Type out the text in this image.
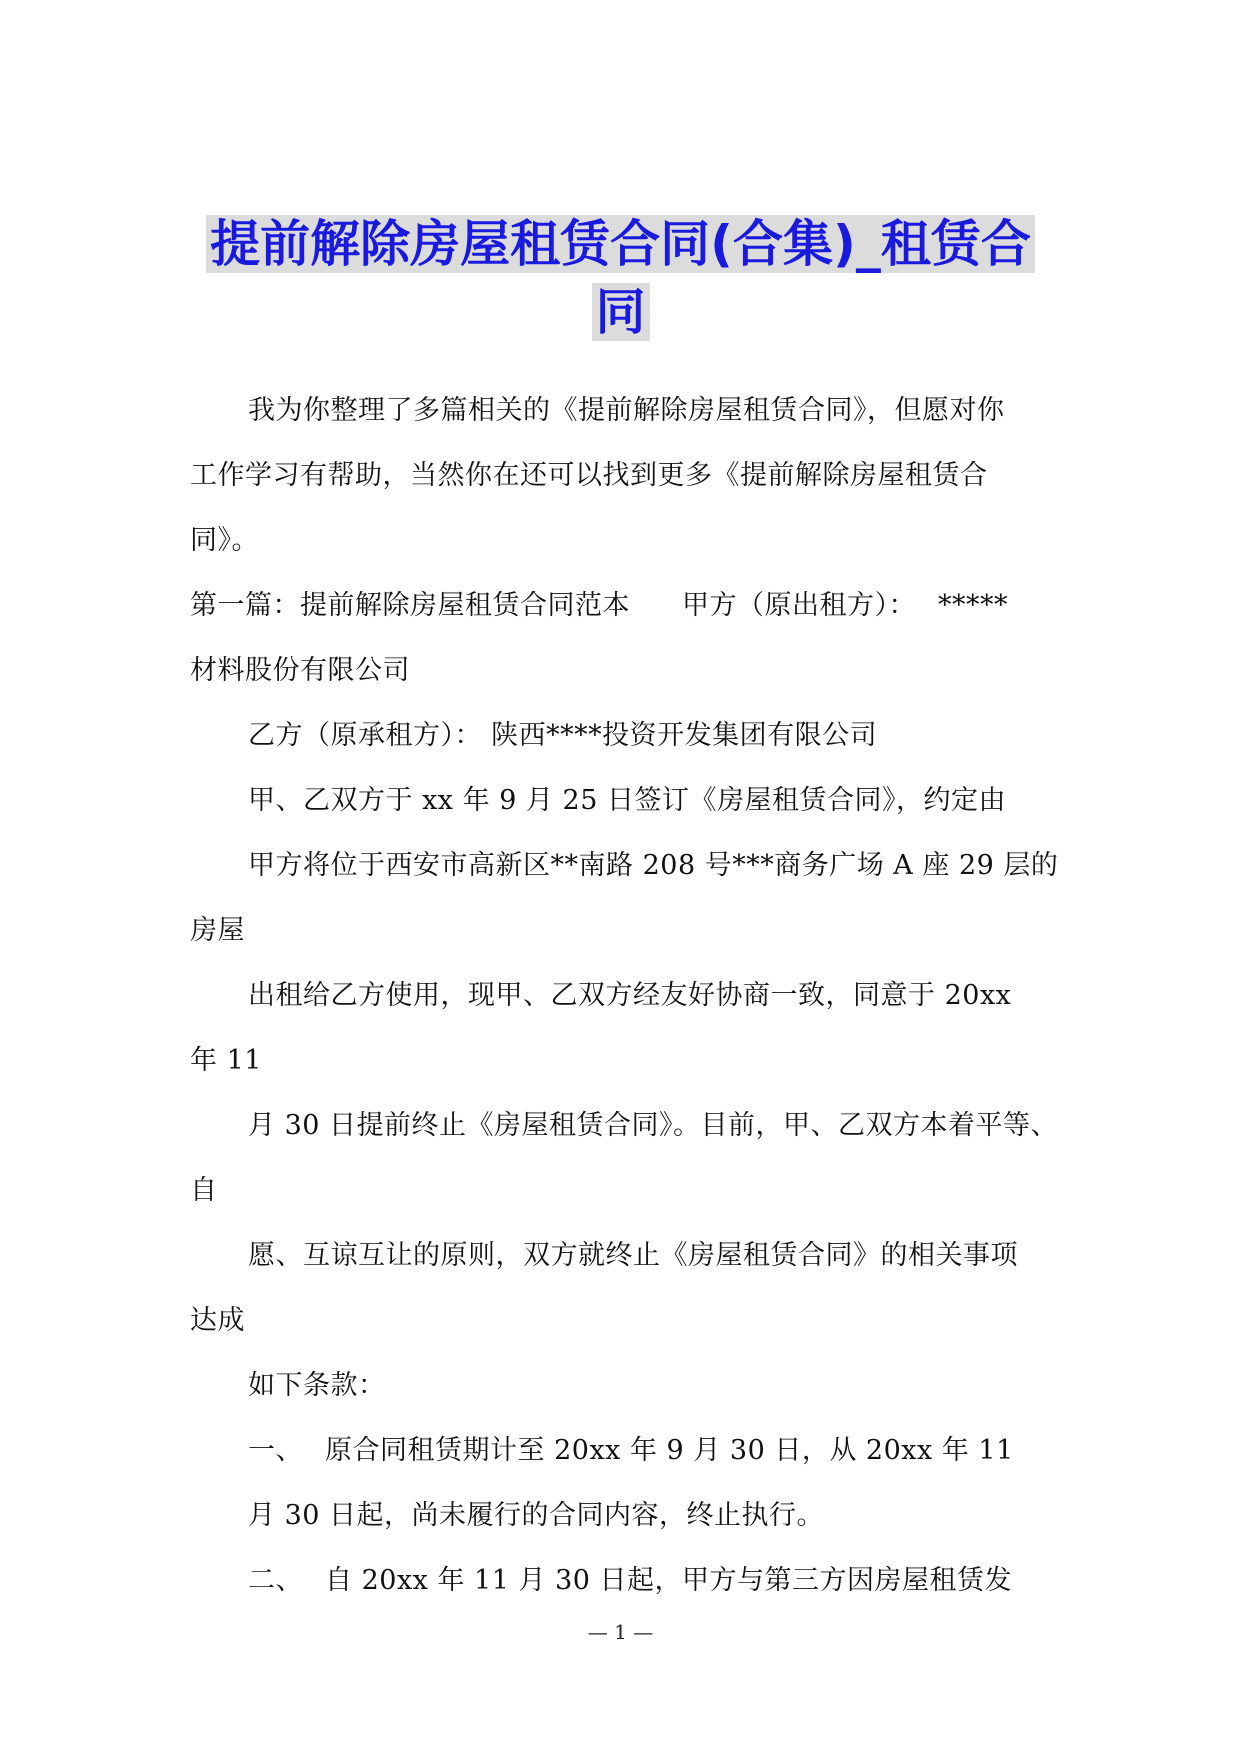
提前解除房屋租赁合同(合集)_租赁合
同

我为你整理了多篇相关的《提前解除房屋租赁合同》，但愿对你

工作学习有帮助，当然你在还可以找到更多《提前解除房屋租赁合

同》。

第一篇：提前解除房屋租赁合同范本 甲方（原出租方）： *****

材料股份有限公司

乙方（原承租方）： 陕西****投资开发集团有限公司

甲、乙双方于 xx 年 9 月 25 日签订《房屋租赁合同》，约定由

甲方将位于西安市高新区**南路 208 号***商务广场 A 座 29 层的

房屋

出租给乙方使用，现甲、乙双方经友好协商一致，同意于 20xx

年 11

月 30 日提前终止《房屋租赁合同》。目前，甲、乙双方本着平等、

自

愿、互谅互让的原则，双方就终止《房屋租赁合同》的相关事项

达成

如下条款：

一、 原合同租赁期计至 20xx 年 9 月 30 日，从 20xx 年 11

月 30 日起，尚未履行的合同内容，终止执行。

二、 自 20xx 年 11 月 30 日起，甲方与第三方因房屋租赁发

— 1 —
